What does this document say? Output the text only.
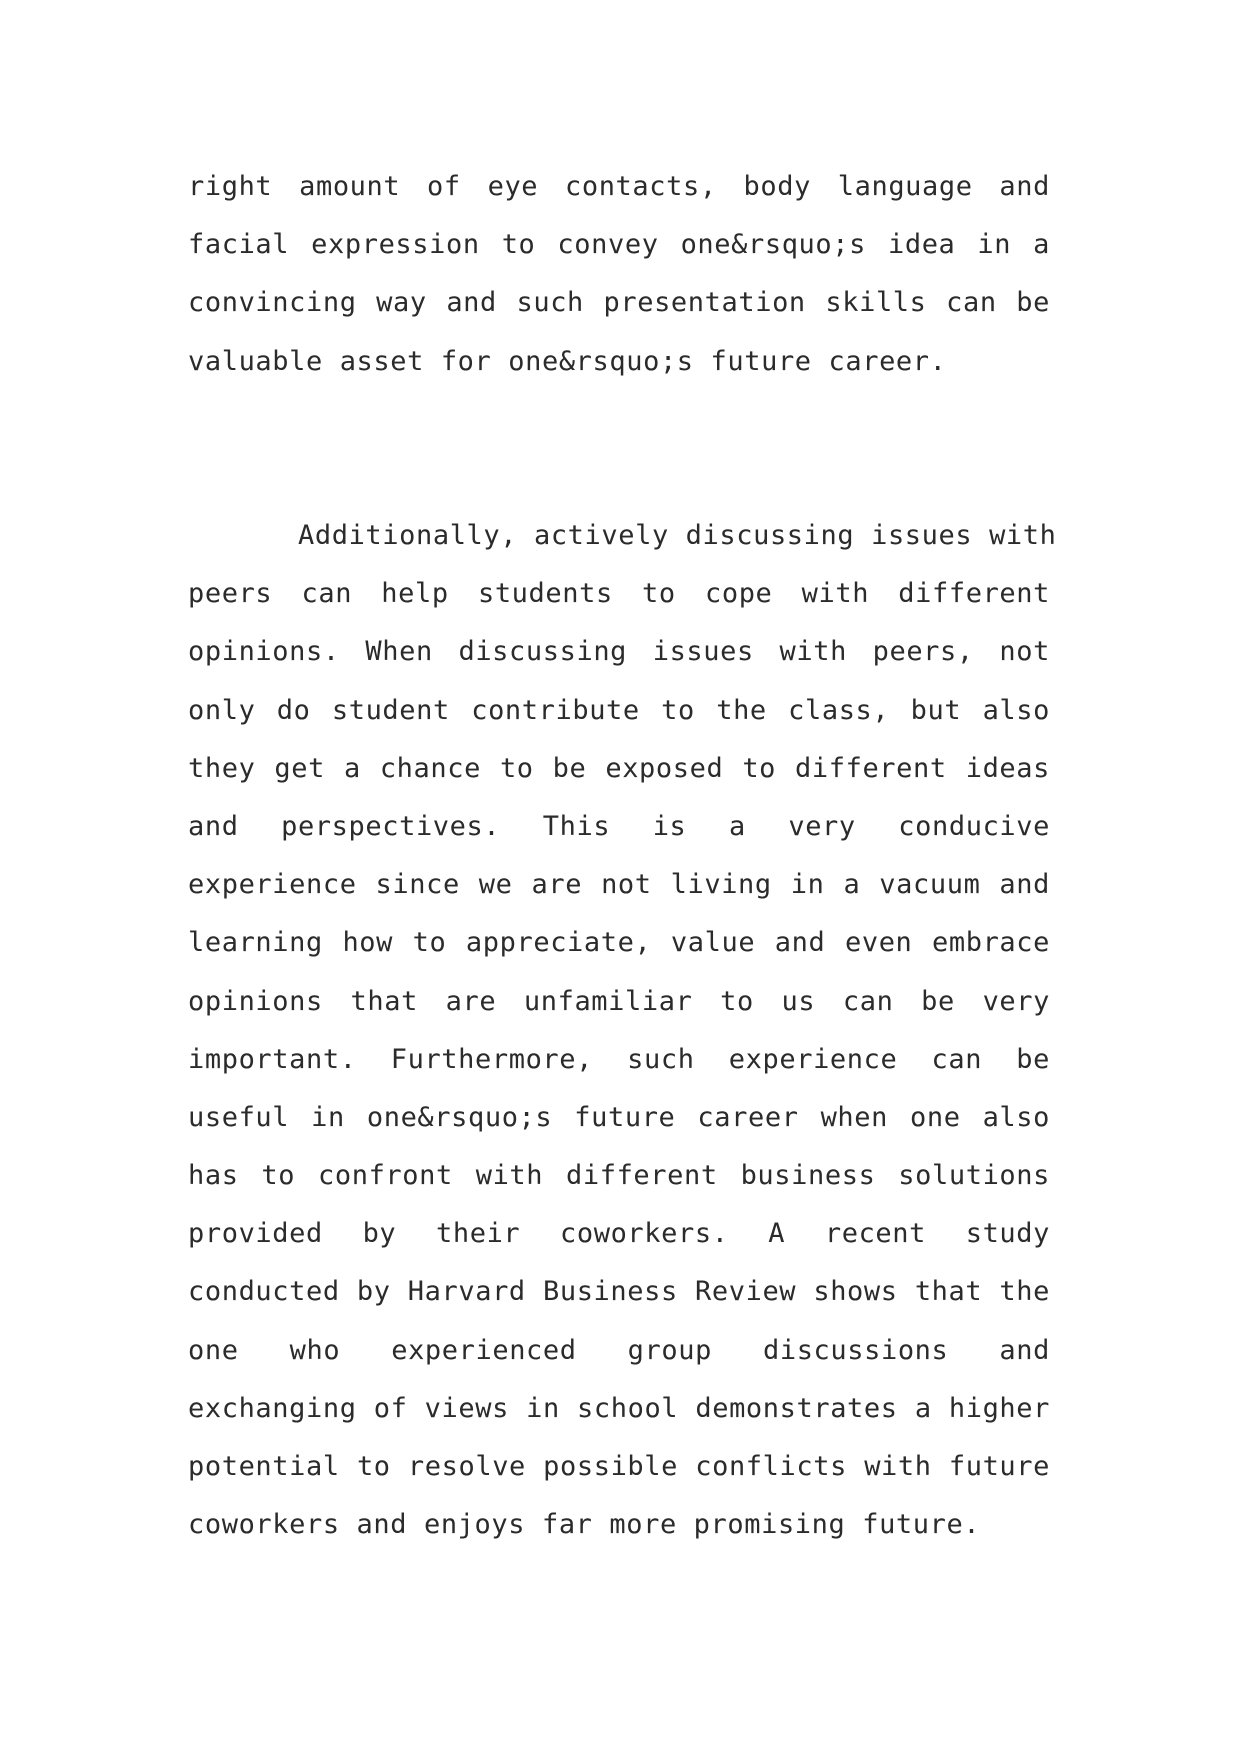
right amount of eye contacts, body language and
facial expression to convey one&rsquo;s idea in a
convincing way and such presentation skills can be
valuable asset for one&rsquo;s future career.
Additionally, actively discussing issues with
peers can help students to cope with different
opinions. When discussing issues with peers, not
only do student contribute to the class, but also
they get a chance to be exposed to different ideas
and perspectives. This is a very conducive
experience since we are not living in a vacuum and
learning how to appreciate, value and even embrace
opinions that are unfamiliar to us can be very
important. Furthermore, such experience can be
useful in one&rsquo;s future career when one also
has to confront with different business solutions
provided by their coworkers. A recent study
conducted by Harvard Business Review shows that the
one who experienced group discussions and
exchanging of views in school demonstrates a higher
potential to resolve possible conflicts with future
coworkers and enjoys far more promising future.
